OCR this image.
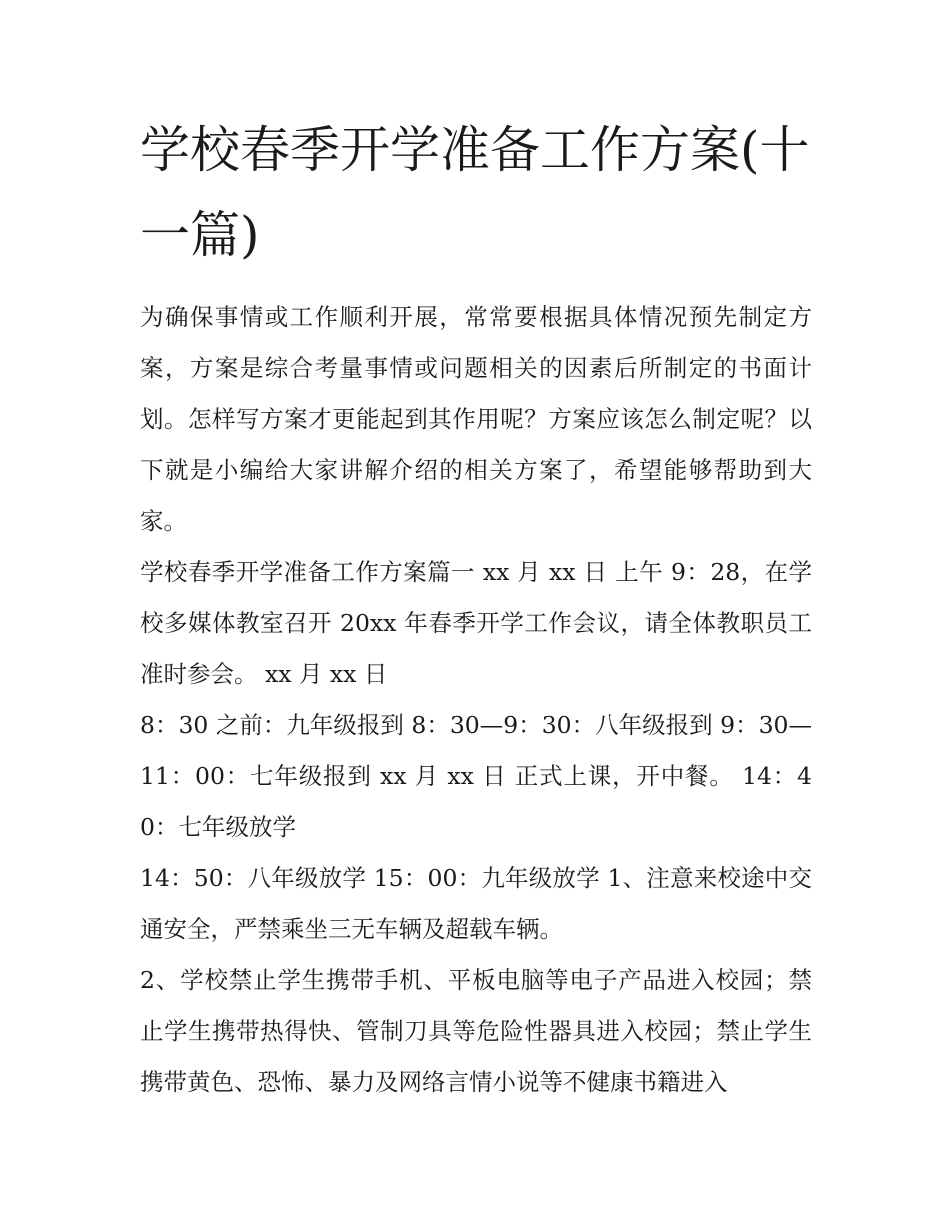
学校春季开学准备工作方案(十一篇)

为确保事情或工作顺利开展，常常要根据具体情况预先制定方案，方案是综合考量事情或问题相关的因素后所制定的书面计划。怎样写方案才更能起到其作用呢？方案应该怎么制定呢？以下就是小编给大家讲解介绍的相关方案了，希望能够帮助到大家。

学校春季开学准备工作方案篇一 xx 月 xx 日 上午 9：28，在学校多媒体教室召开 20xx 年春季开学工作会议，请全体教职员工准时参会。 xx 月 xx 日

8：30 之前：九年级报到 8：30—9：30：八年级报到 9：30—11：00：七年级报到 xx 月 xx 日 正式上课，开中餐。 14：40：七年级放学

14：50：八年级放学 15：00：九年级放学 1、注意来校途中交通安全，严禁乘坐三无车辆及超载车辆。

2、学校禁止学生携带手机、平板电脑等电子产品进入校园；禁止学生携带热得快、管制刀具等危险性器具进入校园；禁止学生携带黄色、恐怖、暴力及网络言情小说等不健康书籍进入
